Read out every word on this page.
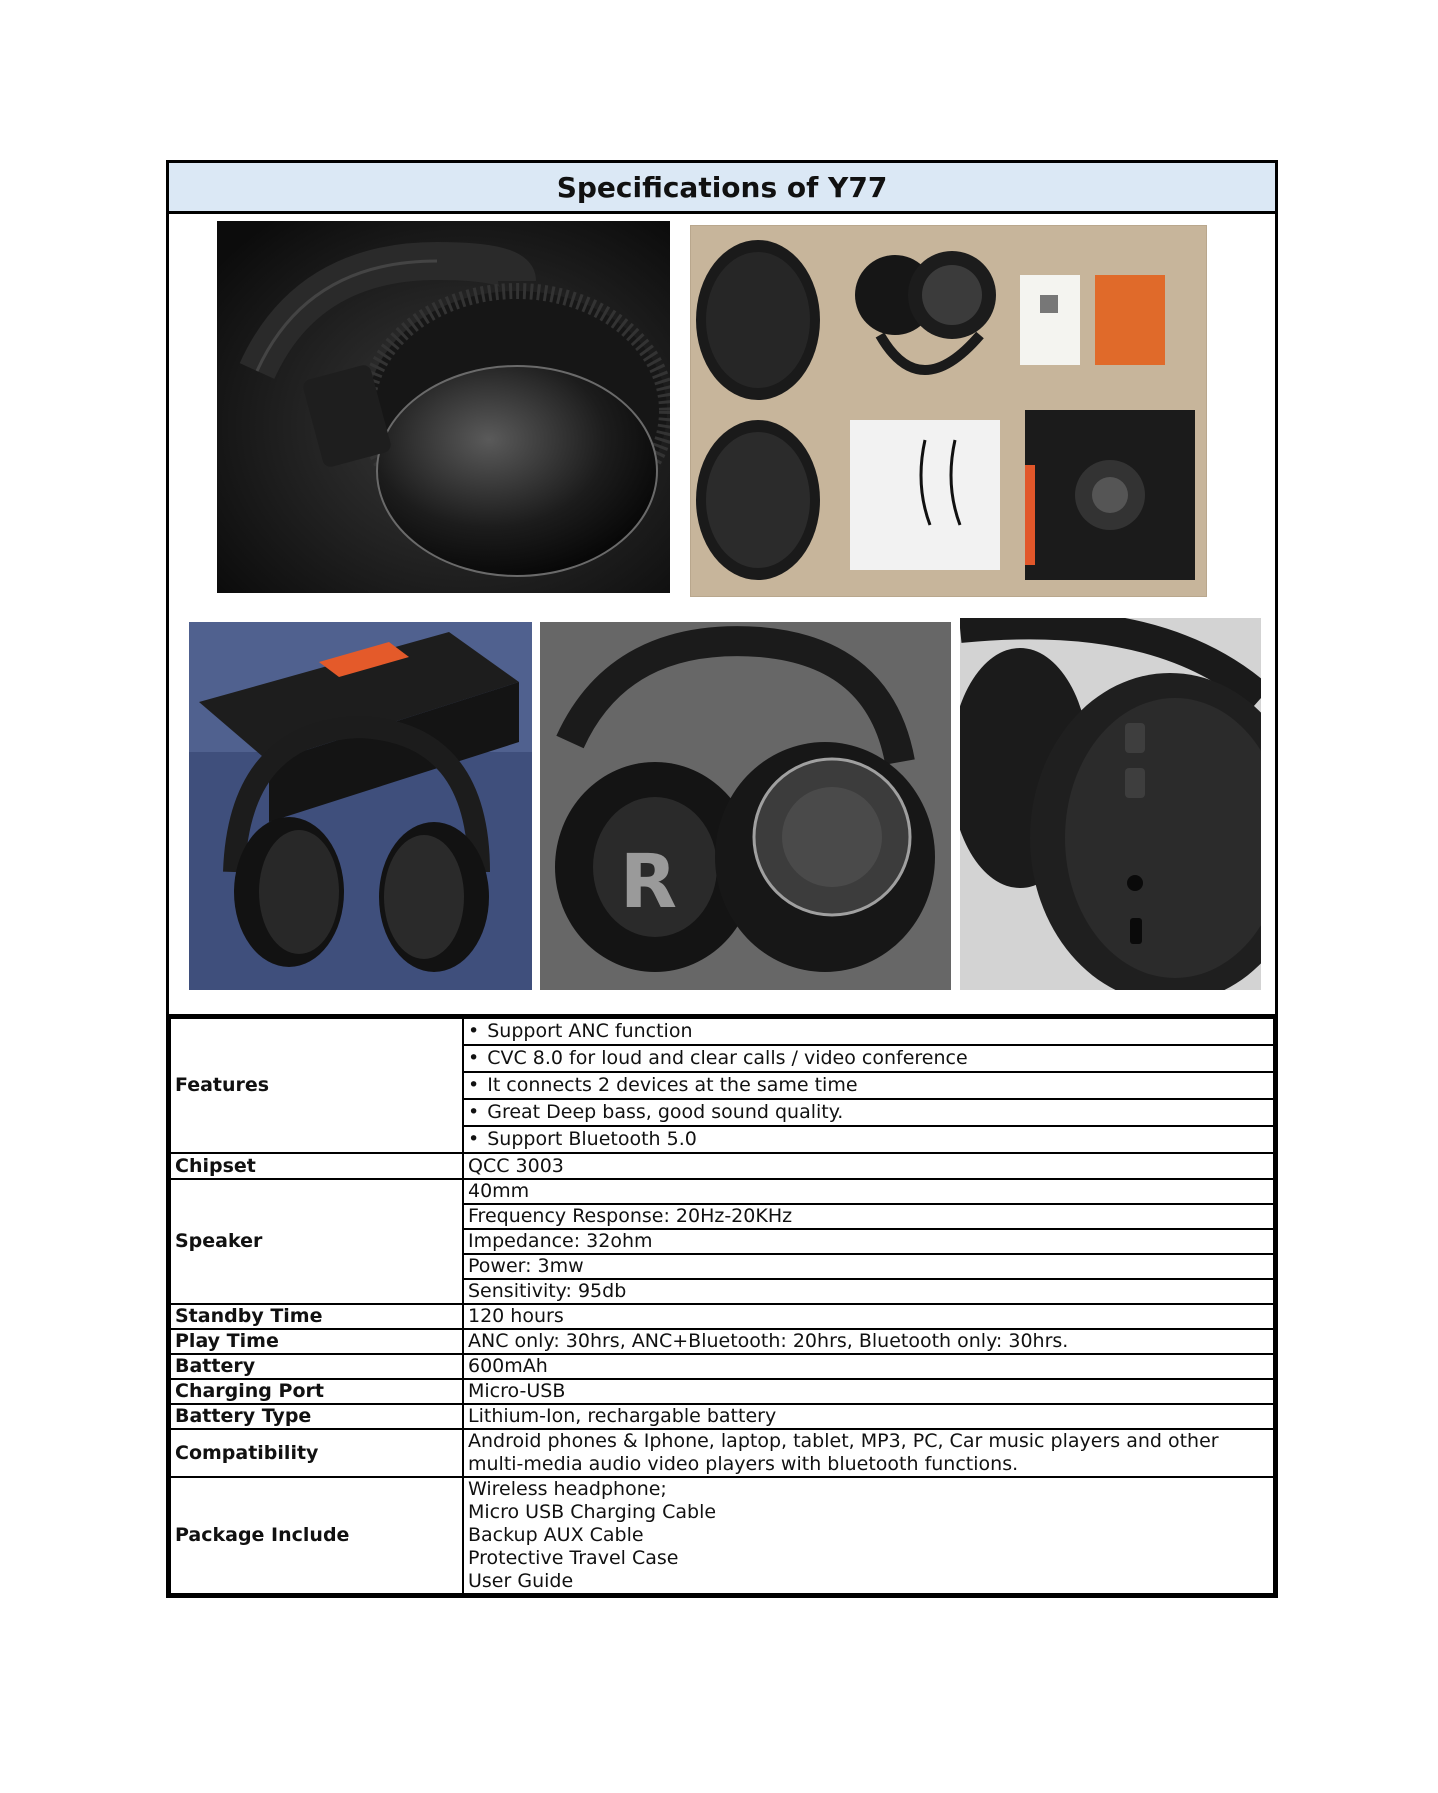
Specifications of Y77
R
Features	• Support ANC function
	• CVC 8.0 for loud and clear calls / video conference
	• It connects 2 devices at the same time
	• Great Deep bass, good sound quality.
	• Support Bluetooth 5.0
Chipset	QCC 3003
Speaker	40mm
	Frequency Response: 20Hz-20KHz
	Impedance: 32ohm
	Power: 3mw
	Sensitivity: 95db
Standby Time	120 hours
Play Time	ANC only: 30hrs, ANC+Bluetooth: 20hrs, Bluetooth only: 30hrs.
Battery	600mAh
Charging Port	Micro-USB
Battery Type	Lithium-Ion, rechargable battery
Compatibility	Android phones & Iphone, laptop, tablet, MP3, PC, Car music players and other
multi-media audio video players with bluetooth functions.

Package Include	Wireless headphone;
Micro USB Charging Cable
Backup AUX Cable
Protective Travel Case
User Guide
